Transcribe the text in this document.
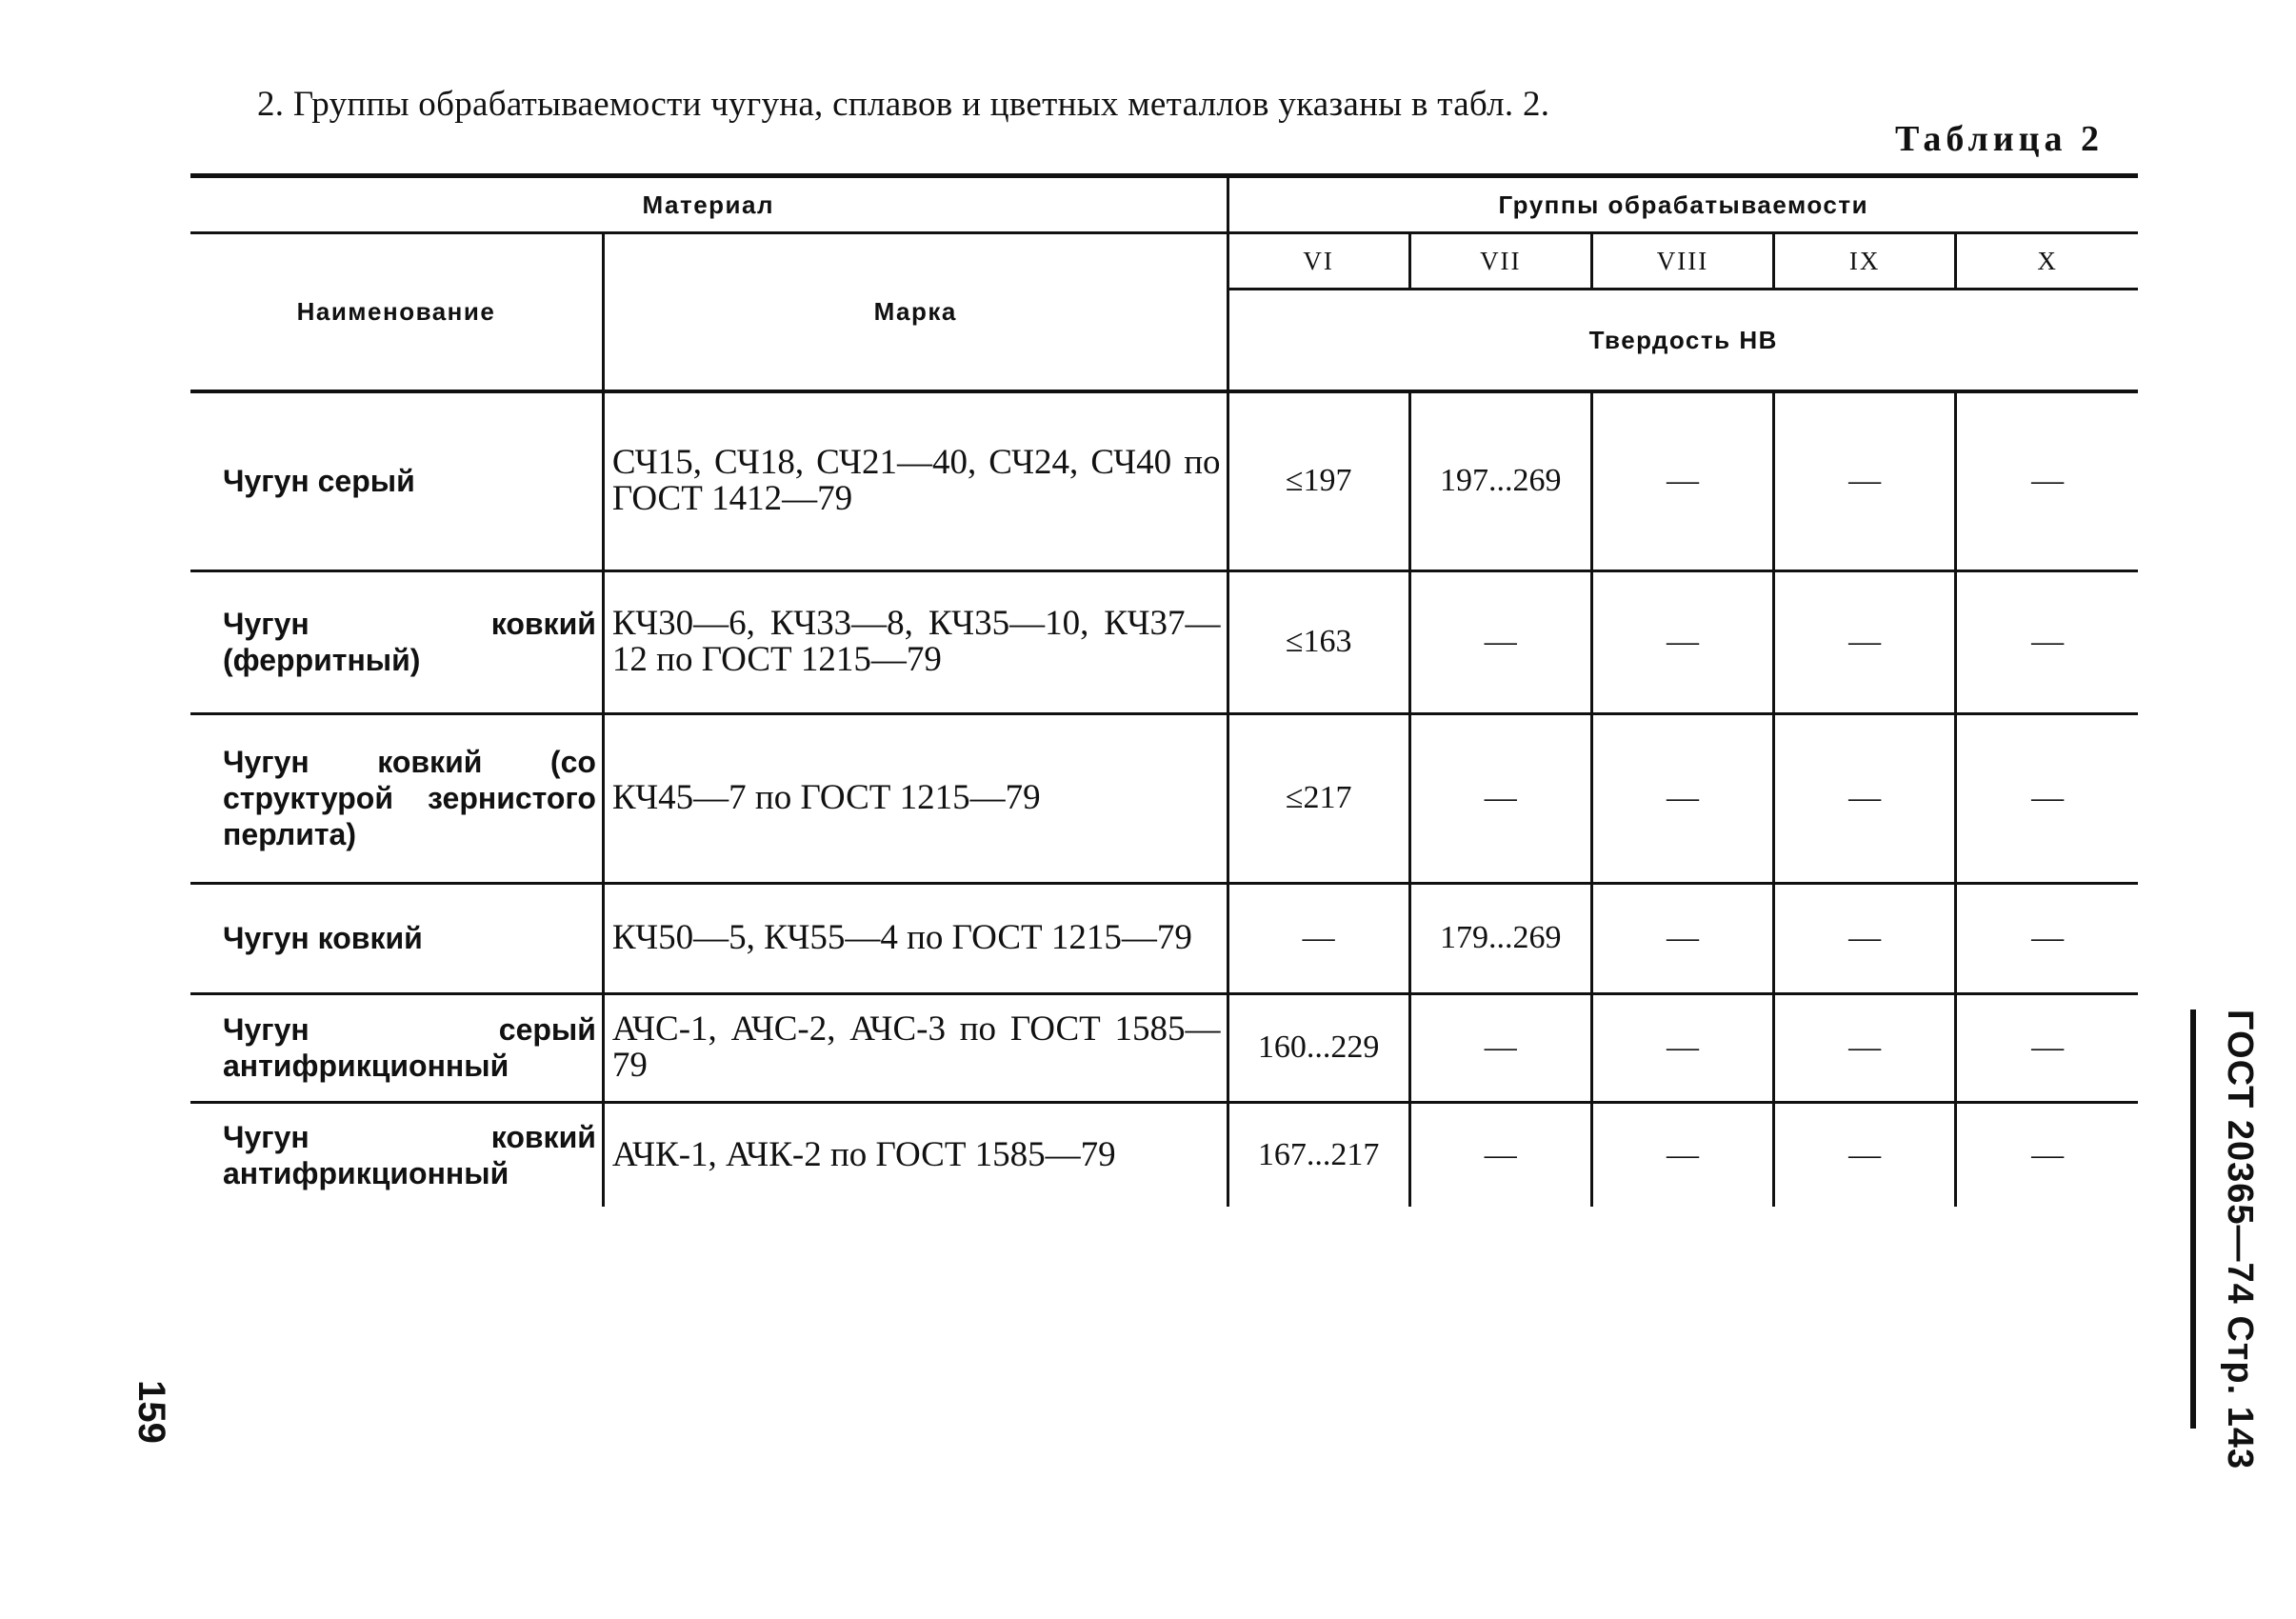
2. Группы обрабатываемости чугуна, сплавов и цветных металлов указаны в табл. 2.

Таблица 2

Материал		Группы обрабатываемости				
Наименование	Марка	VI	VII	VIII	IX	X
		Твердость НВ				
Чугун серый	СЧ15, СЧ18, СЧ21—40, СЧ24, СЧ40 по ГОСТ 1412—79	≤197	197...269	—	—	—
Чугун ковкий (ферритный)	КЧ30—6, КЧ33—8, КЧ35—10, КЧ37—12 по ГОСТ 1215—79	≤163	—	—	—	—
Чугун ковкий (со структурой зернистого перлита)	КЧ45—7 по ГОСТ 1215—79	≤217	—	—	—	—
Чугун ковкий	КЧ50—5, КЧ55—4 по ГОСТ 1215—79	—	179...269	—	—	—
Чугун серый антифрикционный	АЧС-1, АЧС-2, АЧС-3 по ГОСТ 1585—79	160...229	—	—	—	—
Чугун ковкий антифрикционный	АЧК-1, АЧК-2 по ГОСТ 1585—79	167...217	—	—	—	—
159	ГОСТ 20365—74 Стр. 143
